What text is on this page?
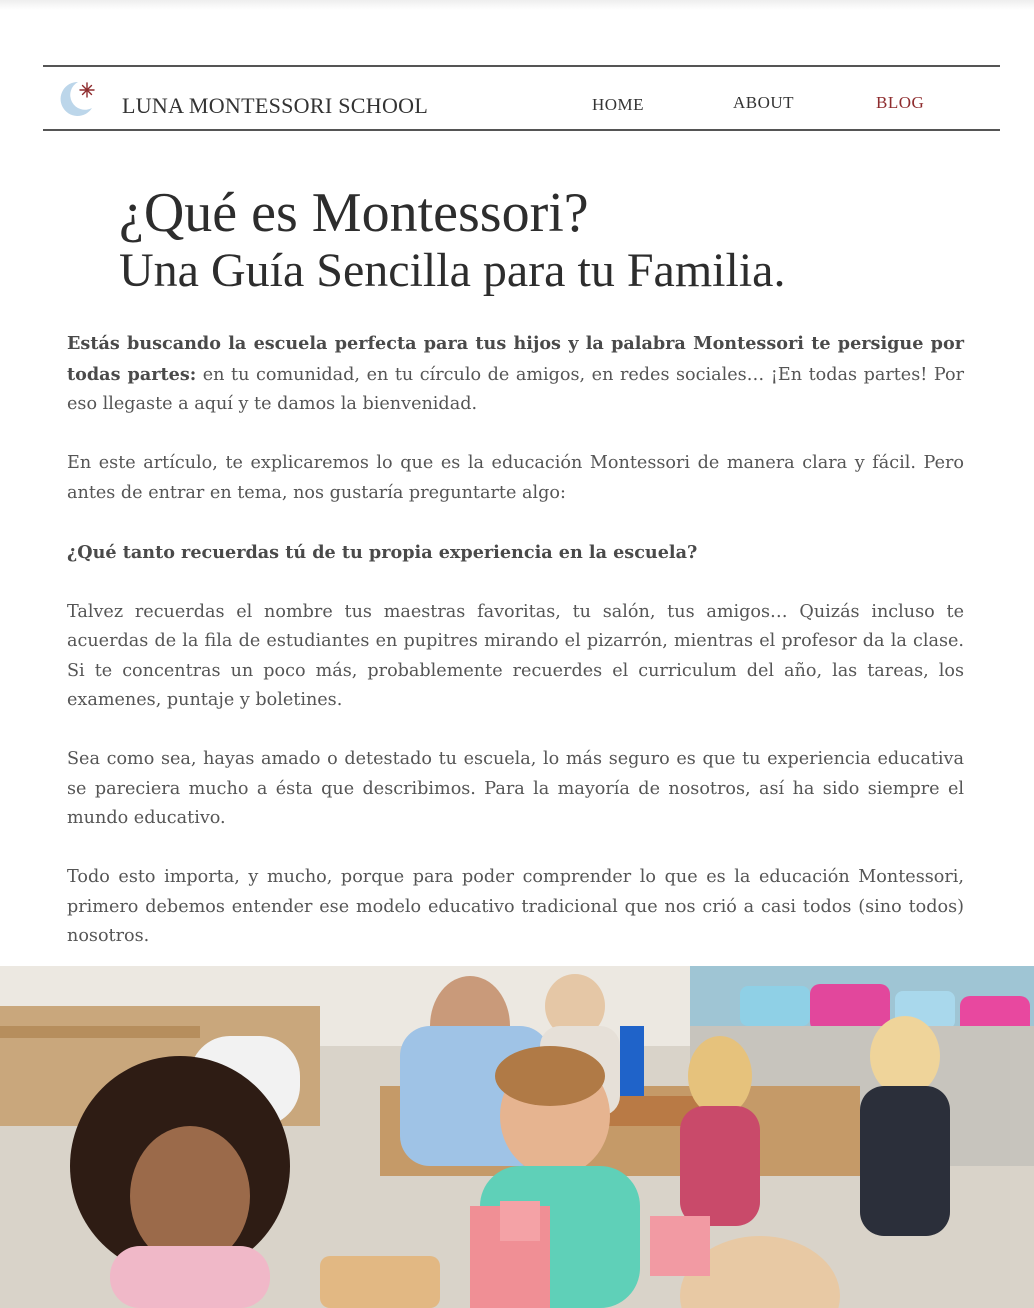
LUNA MONTESSORI SCHOOL	HOME	ABOUT	BLOG
¿Qué es Montessori?
Una Guía Sencilla para tu Familia.

Estás buscando la escuela perfecta para tus hijos y la palabra Montessori te persigue por todas partes: en tu comunidad, en tu círculo de amigos, en redes sociales… ¡En todas partes! Por eso llegaste a aquí y te damos la bienvenidad.

En este artículo, te explicaremos lo que es la educación Montessori de manera clara y fácil. Pero antes de entrar en tema, nos gustaría preguntarte algo:

¿Qué tanto recuerdas tú de tu propia experiencia en la escuela?

Talvez recuerdas el nombre tus maestras favoritas, tu salón, tus amigos… Quizás incluso te acuerdas de la fila de estudiantes en pupitres mirando el pizarrón, mientras el profesor da la clase. Si te concentras un poco más, probablemente recuerdes el curriculum del año, las tareas, los examenes, puntaje y boletines.

Sea como sea, hayas amado o detestado tu escuela, lo más seguro es que tu experiencia educativa se pareciera mucho a ésta que describimos. Para la mayoría de nosotros, así ha sido siempre el mundo educativo.

Todo esto importa, y mucho, porque para poder comprender lo que es la educación Montessori, primero debemos entender ese modelo educativo tradicional que nos crió a casi todos (sino todos) nosotros.
